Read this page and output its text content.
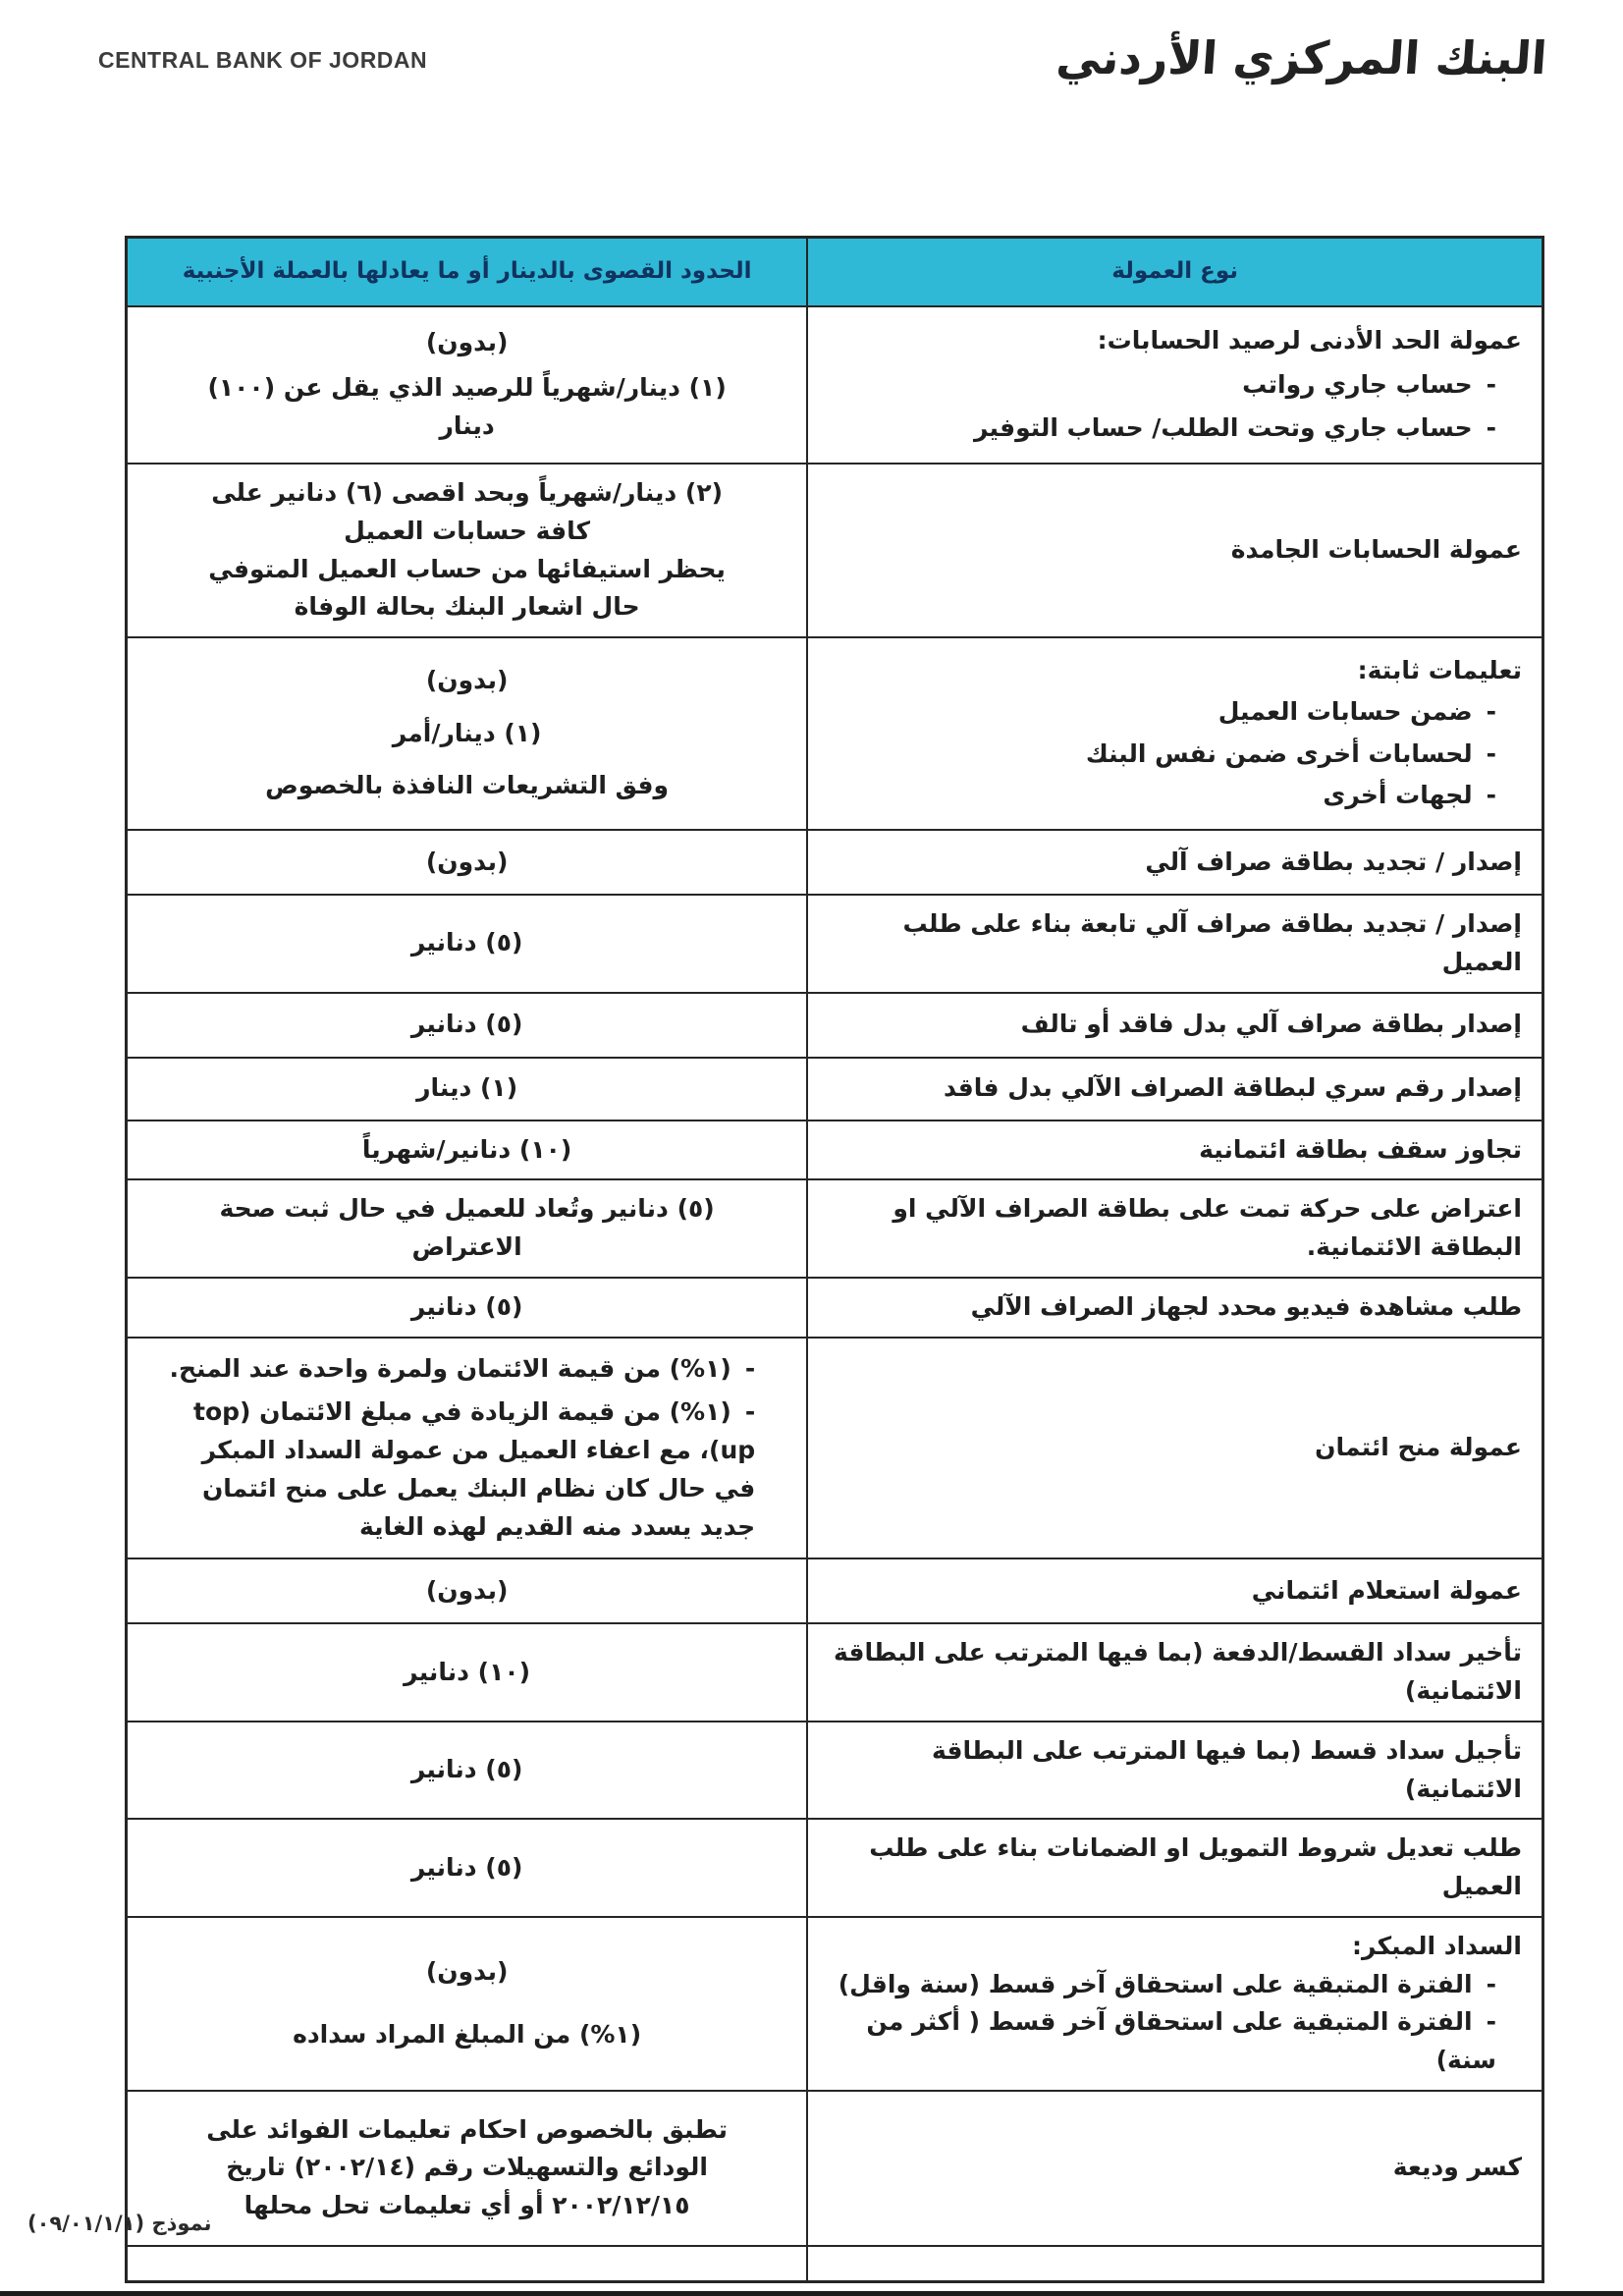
CENTRAL BANK OF JORDAN	البنك المركزي الأردني
نوع العمولة
الحدود القصوى بالدينار أو ما يعادلها بالعملة الأجنبية
عمولة الحد الأدنى لرصيد الحسابات:
- حساب جاري رواتب
- حساب جاري وتحت الطلب/ حساب التوفير
(بدون)
(١) دينار/شهرياً للرصيد الذي يقل عن (١٠٠) دينار
عمولة الحسابات الجامدة
(٢) دينار/شهرياً وبحد اقصى (٦) دنانير على كافة حسابات العميل
يحظر استيفائها من حساب العميل المتوفي حال اشعار البنك بحالة الوفاة
تعليمات ثابتة:
- ضمن حسابات العميل
- لحسابات أخرى ضمن نفس البنك
- لجهات أخرى
(بدون)
(١) دينار/أمر
وفق التشريعات النافذة بالخصوص
إصدار / تجديد بطاقة صراف آلي
(بدون)
إصدار / تجديد بطاقة صراف آلي تابعة بناء على طلب العميل
(٥) دنانير
إصدار بطاقة صراف آلي بدل فاقد أو تالف
(٥) دنانير
إصدار رقم سري لبطاقة الصراف الآلي بدل فاقد
(١) دينار
تجاوز سقف بطاقة ائتمانية
(١٠) دنانير/شهرياً
اعتراض على حركة تمت على بطاقة الصراف الآلي او البطاقة الائتمانية.
(٥) دنانير وتُعاد للعميل في حال ثبت صحة الاعتراض
طلب مشاهدة فيديو محدد لجهاز الصراف الآلي
(٥) دنانير
عمولة منح ائتمان
- (١%) من قيمة الائتمان ولمرة واحدة عند المنح.
- (١%) من قيمة الزيادة في مبلغ الائتمان (top up)، مع اعفاء العميل من عمولة السداد المبكر في حال كان نظام البنك يعمل على منح ائتمان جديد يسدد منه القديم لهذه الغاية
عمولة استعلام ائتماني
(بدون)
تأخير سداد القسط/الدفعة (بما فيها المترتب على البطاقة الائتمانية)
(١٠) دنانير
تأجيل سداد قسط (بما فيها المترتب على البطاقة الائتمانية)
(٥) دنانير
طلب تعديل شروط التمويل او الضمانات بناء على طلب العميل
(٥) دنانير
السداد المبكر:
- الفترة المتبقية على استحقاق آخر قسط (سنة واقل)
- الفترة المتبقية على استحقاق آخر قسط ( أكثر من سنة)
(بدون)
(١%) من المبلغ المراد سداده
كسر وديعة
تطبق بالخصوص احكام تعليمات الفوائد على الودائع والتسهيلات رقم (٢٠٠٢/١٤) تاريخ ٢٠٠٢/١٢/١٥ أو أي تعليمات تحل محلها
نموذج (٠٩/٠١/١/١)
